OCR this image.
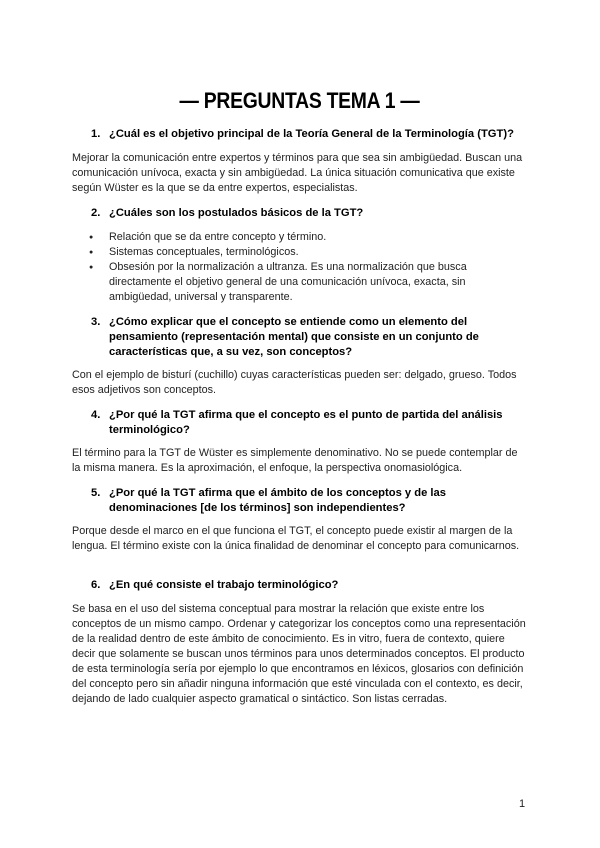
— PREGUNTAS TEMA 1 —
1. ¿Cuál es el objetivo principal de la Teoría General de la Terminología (TGT)?
Mejorar la comunicación entre expertos y términos para que sea sin ambigüedad. Buscan una comunicación unívoca, exacta y sin ambigüedad. La única situación comunicativa que existe según Wüster es la que se da entre expertos, especialistas.
2. ¿Cuáles son los postulados básicos de la TGT?
● Relación que se da entre concepto y término.
● Sistemas conceptuales, terminológicos.
● Obsesión por la normalización a ultranza. Es una normalización que busca directamente el objetivo general de una comunicación unívoca, exacta, sin ambigüedad, universal y transparente.
3. ¿Cómo explicar que el concepto se entiende como un elemento del pensamiento (representación mental) que consiste en un conjunto de características que, a su vez, son conceptos?
Con el ejemplo de bisturí (cuchillo) cuyas características pueden ser: delgado, grueso. Todos esos adjetivos son conceptos.
4. ¿Por qué la TGT afirma que el concepto es el punto de partida del análisis terminológico?
El término para la TGT de Wüster es simplemente denominativo. No se puede contemplar de la misma manera. Es la aproximación, el enfoque, la perspectiva onomasiológica.
5. ¿Por qué la TGT afirma que el ámbito de los conceptos y de las denominaciones [de los términos] son independientes?
Porque desde el marco en el que funciona el TGT, el concepto puede existir al margen de la lengua. El término existe con la única finalidad de denominar el concepto para comunicarnos.
6. ¿En qué consiste el trabajo terminológico?
Se basa en el uso del sistema conceptual para mostrar la relación que existe entre los conceptos de un mismo campo. Ordenar y categorizar los conceptos como una representación de la realidad dentro de este ámbito de conocimiento. Es in vitro, fuera de contexto, quiere decir que solamente se buscan unos términos para unos determinados conceptos. El producto de esta terminología sería por ejemplo lo que encontramos en léxicos, glosarios con definición del concepto pero sin añadir ninguna información que esté vinculada con el contexto, es decir, dejando de lado cualquier aspecto gramatical o sintáctico. Son listas cerradas.
1
